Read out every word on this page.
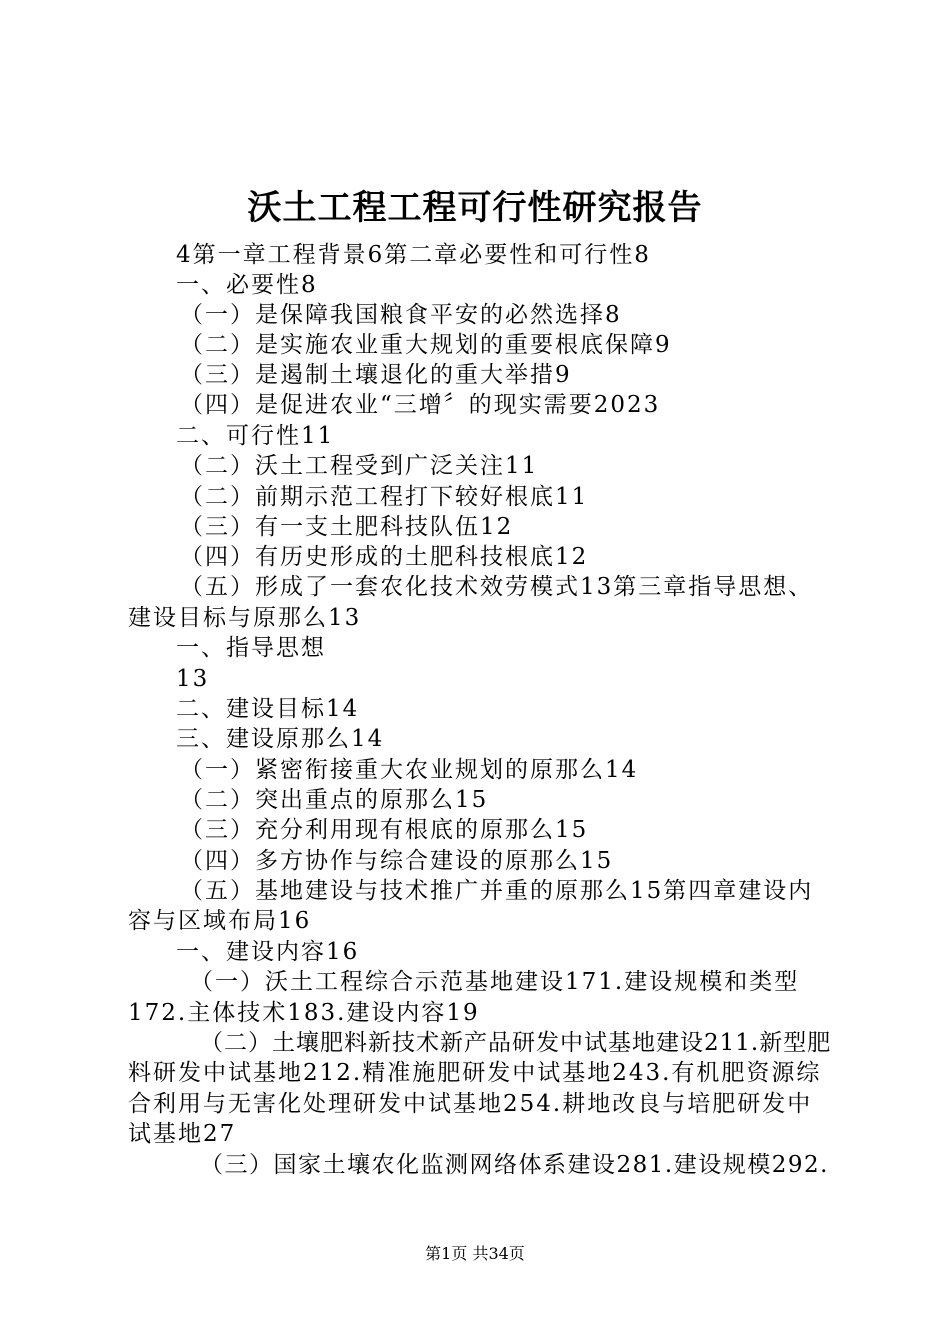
沃土工程工程可行性研究报告
4第一章工程背景6第二章必要性和可行性8
一、必要性8
（一）是保障我国粮食平安的必然选择8
（二）是实施农业重大规划的重要根底保障9
（三）是遏制土壤退化的重大举措9
（四）是促进农业“三增〞的现实需要2023
二、可行性11
（二）沃土工程受到广泛关注11
（二）前期示范工程打下较好根底11
（三）有一支土肥科技队伍12
（四）有历史形成的土肥科技根底12
（五）形成了一套农化技术效劳模式13第三章指导思想、
建设目标与原那么13
一、指导思想
13
二、建设目标14
三、建设原那么14
（一）紧密衔接重大农业规划的原那么14
（二）突出重点的原那么15
（三）充分利用现有根底的原那么15
（四）多方协作与综合建设的原那么15
（五）基地建设与技术推广并重的原那么15第四章建设内
容与区域布局16
一、建设内容16
（一）沃土工程综合示范基地建设171.建设规模和类型
172.主体技术183.建设内容19
（二）土壤肥料新技术新产品研发中试基地建设211.新型肥
料研发中试基地212.精准施肥研发中试基地243.有机肥资源综
合利用与无害化处理研发中试基地254.耕地改良与培肥研发中
试基地27
（三）国家土壤农化监测网络体系建设281.建设规模292.
第1页 共34页
